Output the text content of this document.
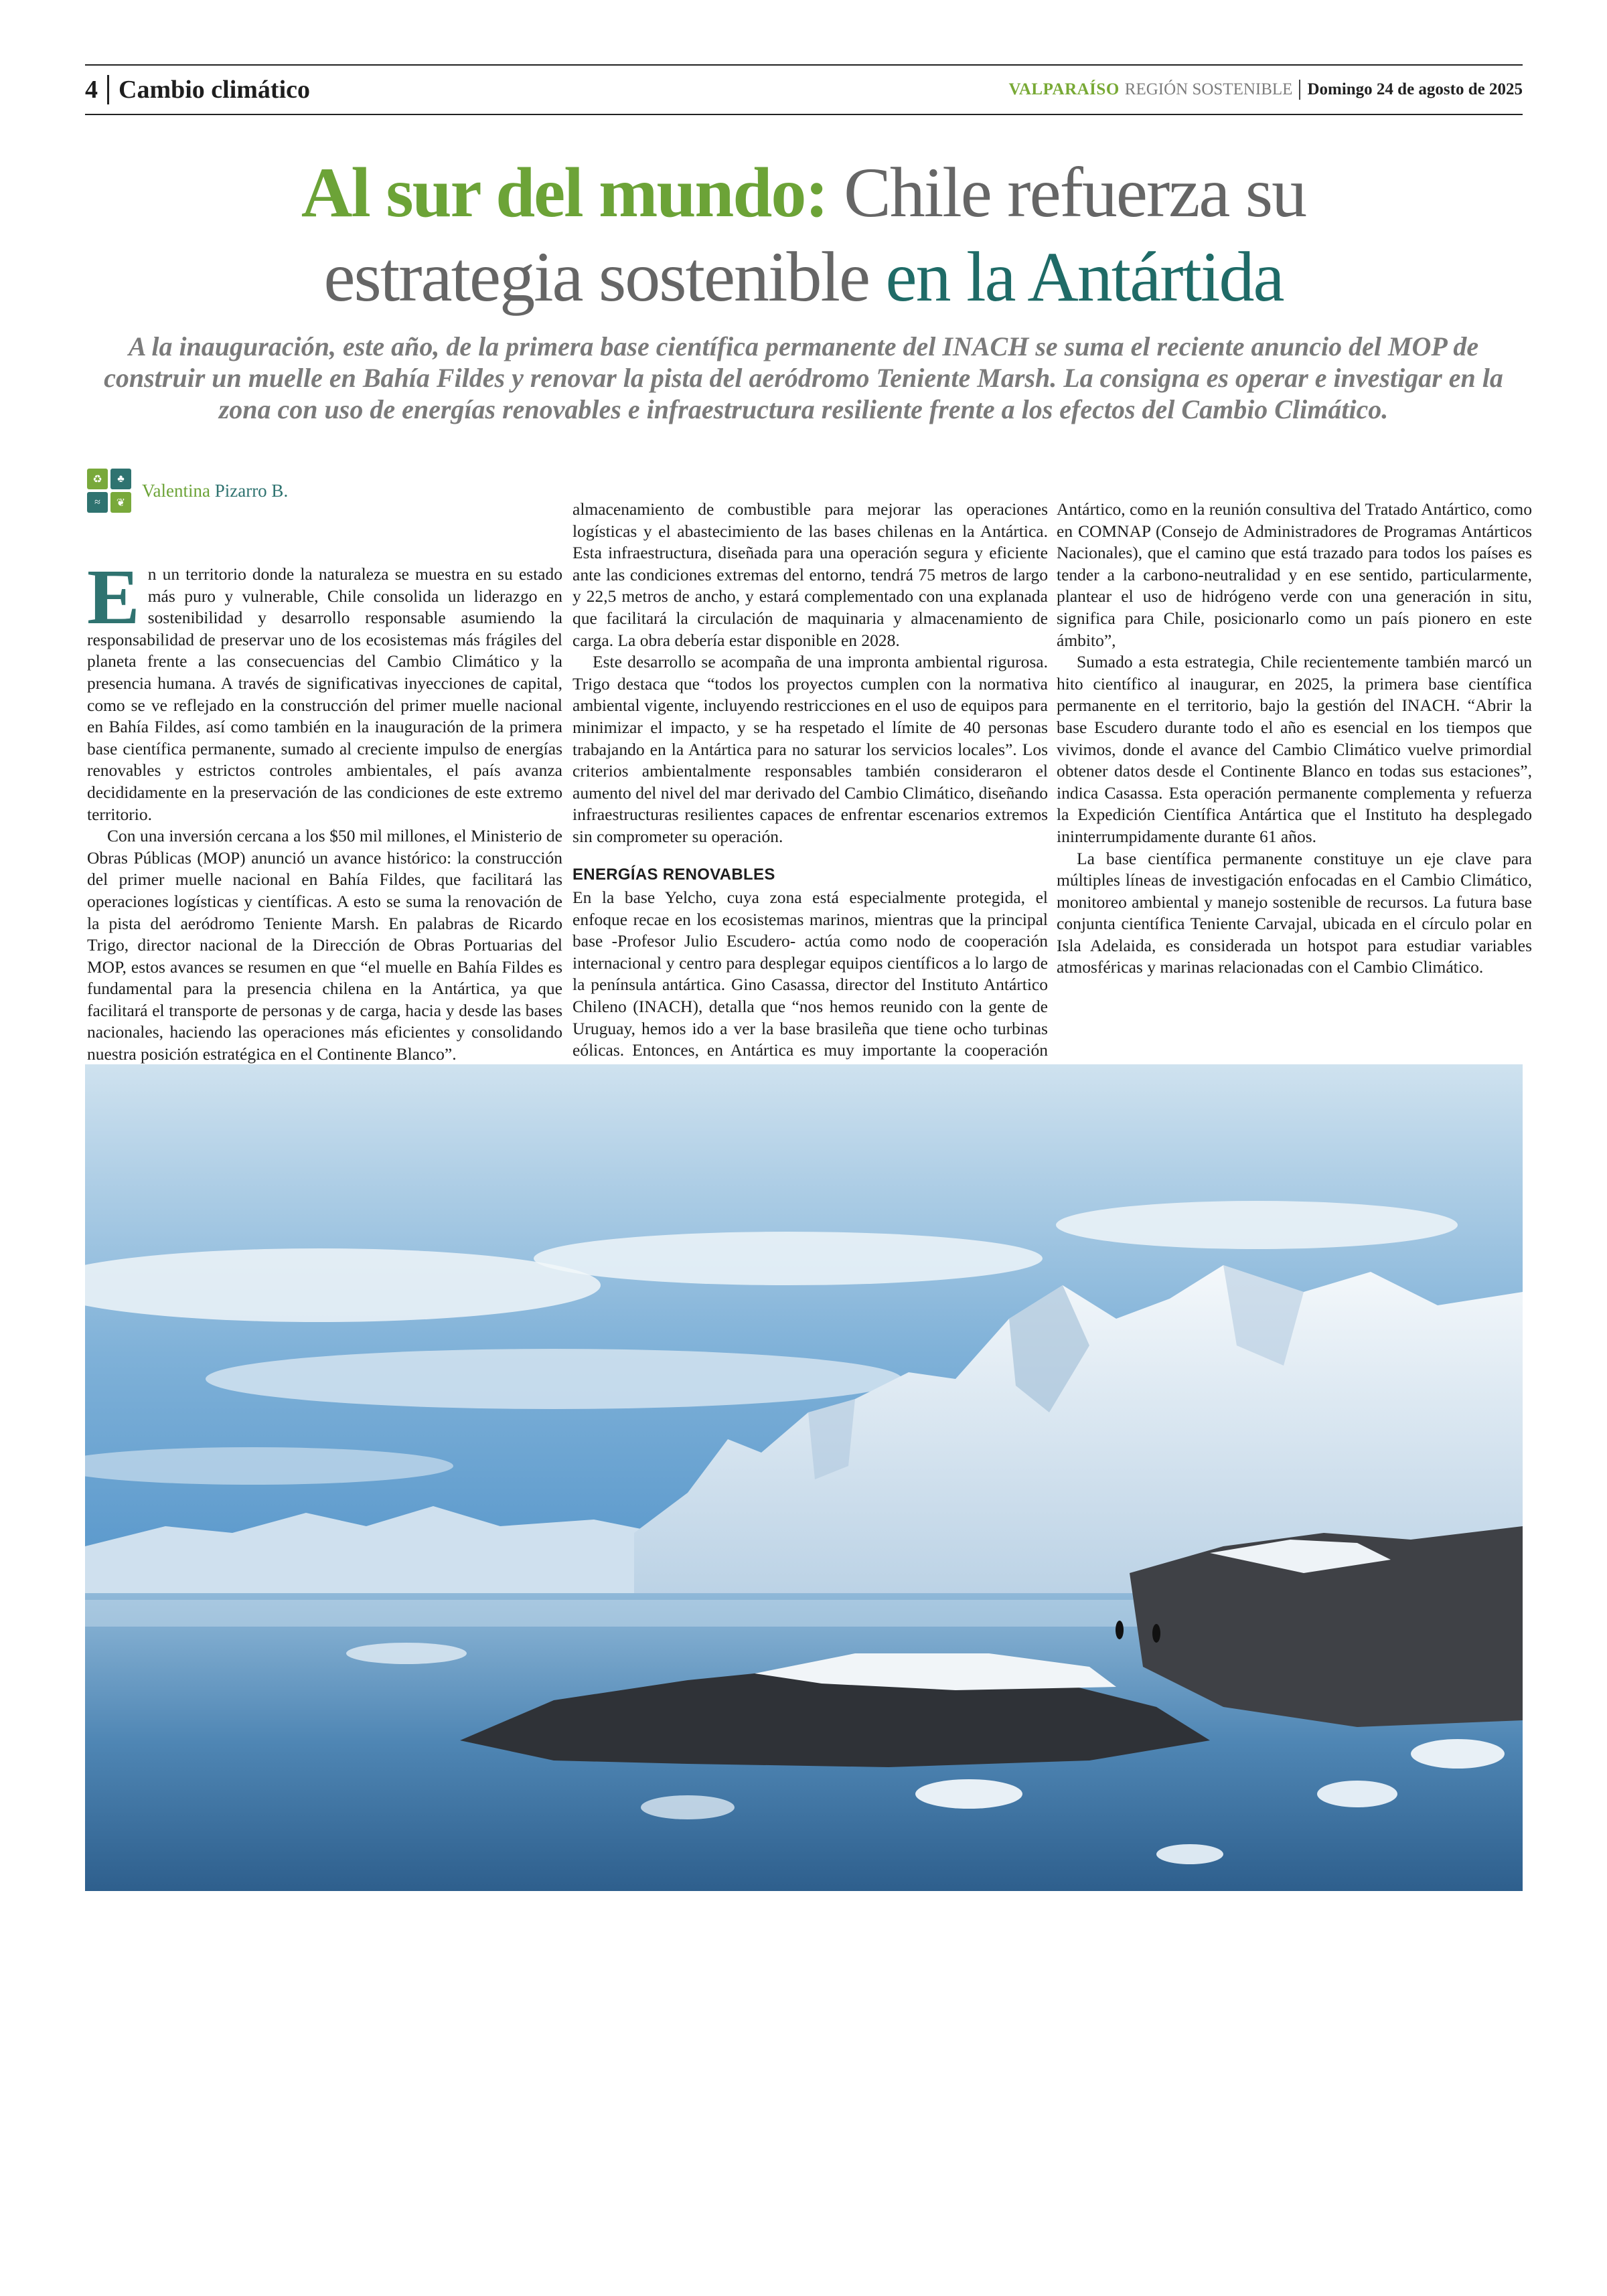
4 Cambio climático	VALPARAÍSO REGIÓN SOSTENIBLE Domingo 24 de agosto de 2025
Al sur del mundo: Chile refuerza su
estrategia sostenible en la Antártida
A la inauguración, este año, de la primera base científica permanente del INACH se suma el reciente anuncio del MOP de construir un muelle en Bahía Fildes y renovar la pista del aeródromo Teniente Marsh. La consigna es operar e investigar en la zona con uso de energías renovables e infraestructura resiliente frente a los efectos del Cambio Climático.
♻	♣
≈	❦
Valentina Pizarro B.

En un territorio donde la naturaleza se muestra en su estado más puro y vulnerable, Chile consolida un liderazgo en sostenibilidad y desarrollo responsable asumiendo la responsabilidad de preservar uno de los ecosistemas más frágiles del planeta frente a las consecuencias del Cambio Climático y la presencia humana. A través de significativas inyecciones de capital, como se ve reflejado en la construcción del primer muelle nacional en Bahía Fildes, así como también en la inauguración de la primera base científica permanente, sumado al creciente impulso de energías renovables y estrictos controles ambientales, el país avanza decididamente en la preservación de las condiciones de este extremo territorio.

Con una inversión cercana a los $50 mil millones, el Ministerio de Obras Públicas (MOP) anunció un avance histórico: la construcción del primer muelle nacional en Bahía Fildes, que facilitará las operaciones logísticas y científicas. A esto se suma la renovación de la pista del aeródromo Teniente Marsh. En palabras de Ricardo Trigo, director nacional de la Dirección de Obras Portuarias del MOP, estos avances se resumen en que “el muelle en Bahía Fildes es fundamental para la presencia chilena en la Antártica, ya que facilitará el transporte de personas y de carga, hacia y desde las bases nacionales, haciendo las operaciones más eficientes y consolidando nuestra posición estratégica en el Continente Blanco”.

almacenamiento de combustible para mejorar las operaciones logísticas y el abastecimiento de las bases chilenas en la Antártica. Esta infraestructura, diseñada para una operación segura y eficiente ante las condiciones extremas del entorno, tendrá 75 metros de largo y 22,5 metros de ancho, y estará complementado con una explanada que facilitará la circulación de maquinaria y almacenamiento de carga. La obra debería estar disponible en 2028.

Este desarrollo se acompaña de una impronta ambiental rigurosa. Trigo destaca que “todos los proyectos cumplen con la normativa ambiental vigente, incluyendo restricciones en el uso de equipos para minimizar el impacto, y se ha respetado el límite de 40 personas trabajando en la Antártica para no saturar los servicios locales”. Los criterios ambientalmente responsables también consideraron el aumento del nivel del mar derivado del Cambio Climático, diseñando infraestructuras resilientes capaces de enfrentar escenarios extremos sin comprometer su operación.

ENERGÍAS RENOVABLES

En la base Yelcho, cuya zona está especialmente protegida, el enfoque recae en los ecosistemas marinos, mientras que la principal base -Profesor Julio Escudero- actúa como nodo de cooperación internacional y centro para desplegar equipos científicos a lo largo de la península antártica. Gino Casassa, director del Instituto Antártico Chileno (INACH), detalla que “nos hemos reunido con la gente de Uruguay, hemos ido a ver la base brasileña que tiene ocho turbinas eólicas. Entonces, en Antártica es muy importante la cooperación

Antártico, como en la reunión consultiva del Tratado Antártico, como en COMNAP (Consejo de Administradores de Programas Antárticos Nacionales), que el camino que está trazado para todos los países es tender a la carbono-neutralidad y en ese sentido, particularmente, plantear el uso de hidrógeno verde con una generación in situ, significa para Chile, posicionarlo como un país pionero en este ámbito”,

Sumado a esta estrategia, Chile recientemente también marcó un hito científico al inaugurar, en 2025, la primera base científica permanente en el territorio, bajo la gestión del INACH. “Abrir la base Escudero durante todo el año es esencial en los tiempos que vivimos, donde el avance del Cambio Climático vuelve primordial obtener datos desde el Continente Blanco en todas sus estaciones”, indica Casassa. Esta operación permanente complementa y refuerza la Expedición Científica Antártica que el Instituto ha desplegado ininterrumpidamente durante 61 años.

La base científica permanente constituye un eje clave para múltiples líneas de investigación enfocadas en el Cambio Climático, monitoreo ambiental y manejo sostenible de recursos. La futura base conjunta científica Teniente Carvajal, ubicada en el círculo polar en Isla Adelaida, es considerada un hotspot para estudiar variables atmosféricas y marinas relacionadas con el Cambio Climático.
